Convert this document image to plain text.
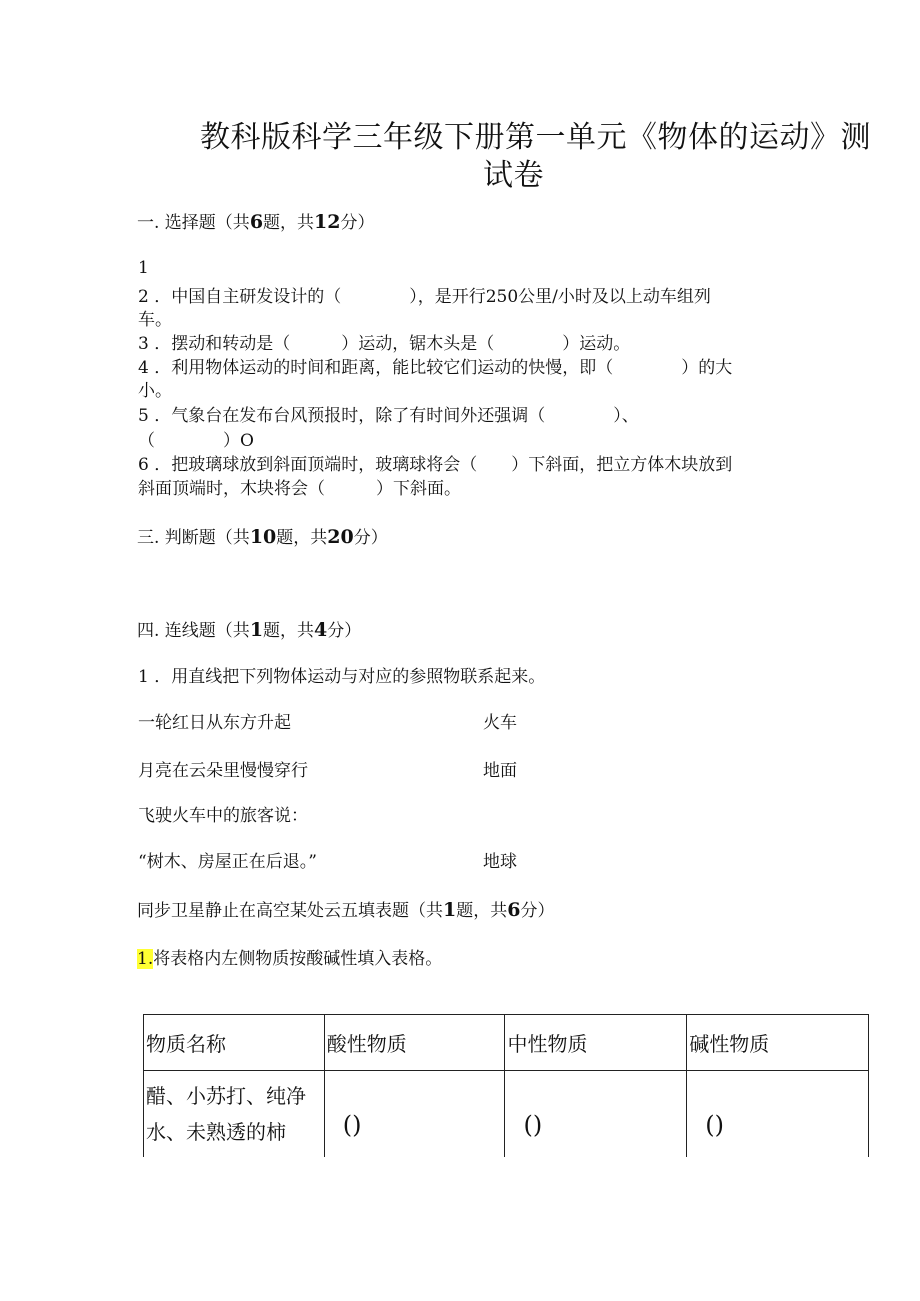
教科版科学三年级下册第一单元《物体的运动》测
试卷
一. 选择题（共6题，共12分）
1
2 ．中国自主研发设计的（　　　　），是开行250公里/小时及以上动车组列
车。
3 ．摆动和转动是（　　　）运动，锯木头是（　　　　）运动。
4 ．利用物体运动的时间和距离，能比较它们运动的快慢，即（　　　　）的大
小。
5 ．气象台在发布台风预报时，除了有时间外还强调（　　　　）、
（　　　　）O
6 ．把玻璃球放到斜面顶端时，玻璃球将会（　　）下斜面，把立方体木块放到
斜面顶端时，木块将会（　　　）下斜面。
三. 判断题（共10题，共20分）
四. 连线题（共1题，共4分）
1 ．用直线把下列物体运动与对应的参照物联系起来。
一轮红日从东方升起	火车
月亮在云朵里慢慢穿行	地面
飞驶火车中的旅客说：
“树木、房屋正在后退。”	地球
同步卫星静止在高空某处云五填表题（共1题，共6分）
1.将表格内左侧物质按酸碱性填入表格。
物质名称	酸性物质	中性物质	碱性物质

醋、小苏打、纯净
水、未熟透的柿	()	()	()
